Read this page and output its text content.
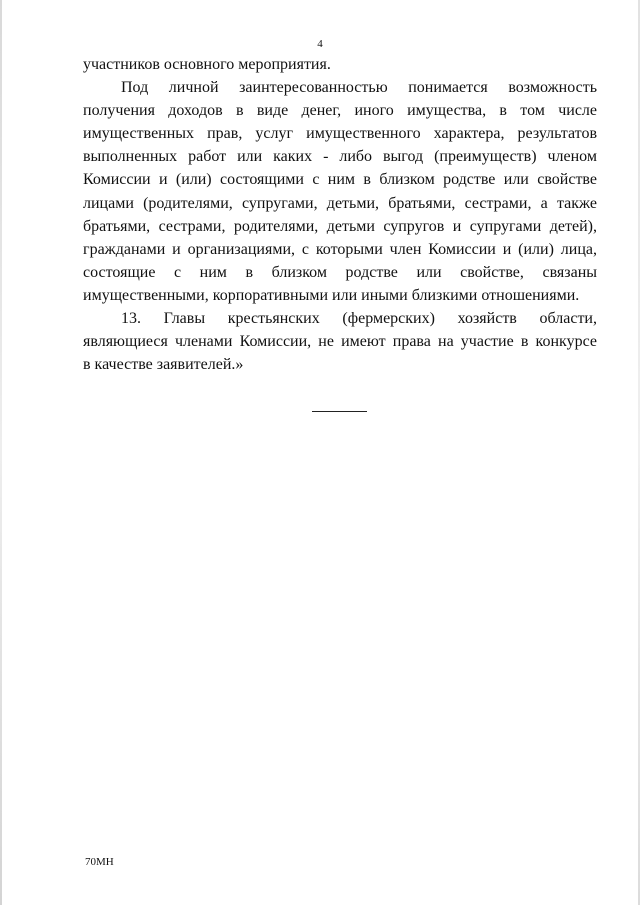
4
участников основного мероприятия.
Под личной заинтересованностью понимается возможность
получения доходов в виде денег, иного имущества, в том числе
имущественных прав, услуг имущественного характера, результатов
выполненных работ или каких - либо выгод (преимуществ) членом
Комиссии и (или) состоящими с ним в близком родстве или свойстве
лицами (родителями, супругами, детьми, братьями, сестрами, а также
братьями, сестрами, родителями, детьми супругов и супругами детей),
гражданами и организациями, с которыми член Комиссии и (или) лица,
состоящие с ним в близком родстве или свойстве, связаны
имущественными, корпоративными или иными близкими отношениями.
13. Главы крестьянских (фермерских) хозяйств области,
являющиеся членами Комиссии, не имеют права на участие в конкурсе
в качестве заявителей.»
70МН
